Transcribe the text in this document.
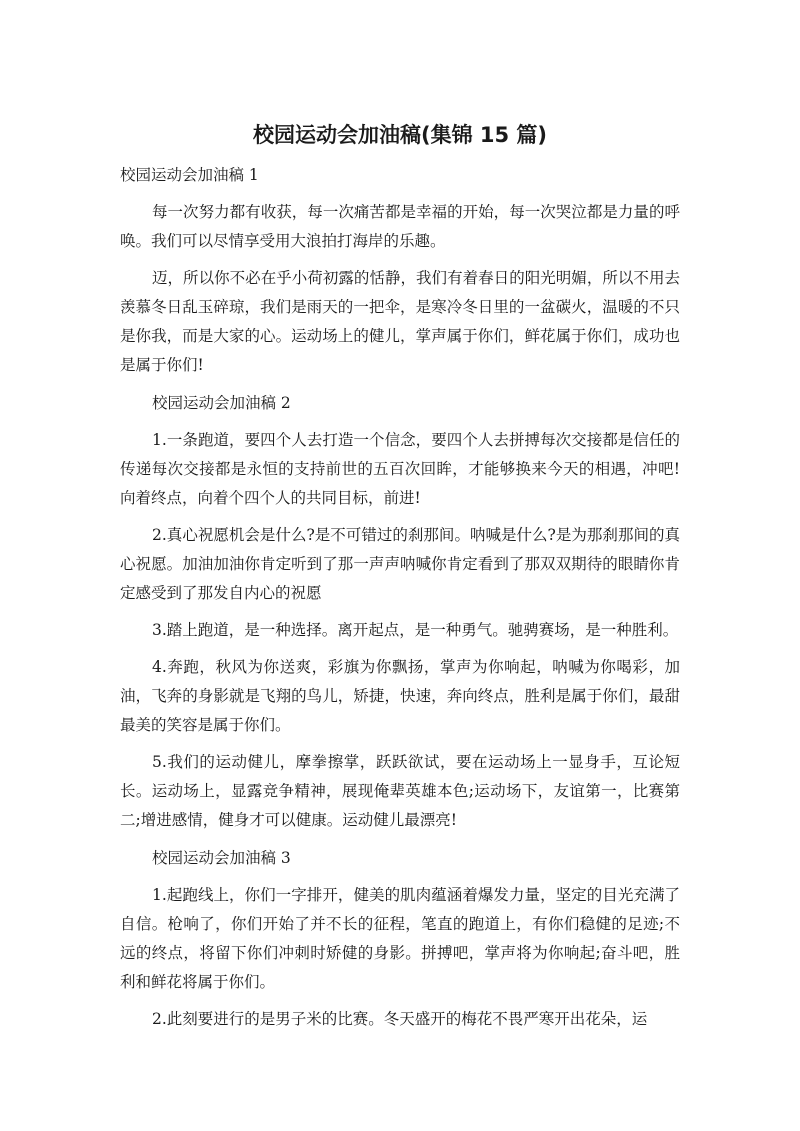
校园运动会加油稿(集锦 15 篇)
校园运动会加油稿 1

每一次努力都有收获，每一次痛苦都是幸福的开始，每一次哭泣都是力量的呼唤。我们可以尽情享受用大浪拍打海岸的乐趣。

迈，所以你不必在乎小荷初露的恬静，我们有着春日的阳光明媚，所以不用去羡慕冬日乱玉碎琼，我们是雨天的一把伞，是寒冷冬日里的一盆碳火，温暖的不只是你我，而是大家的心。运动场上的健儿，掌声属于你们，鲜花属于你们，成功也是属于你们!

校园运动会加油稿 2

1.一条跑道，要四个人去打造一个信念，要四个人去拼搏每次交接都是信任的传递每次交接都是永恒的支持前世的五百次回眸，才能够换来今天的相遇，冲吧!向着终点，向着个四个人的共同目标，前进!

2.真心祝愿机会是什么?是不可错过的刹那间。呐喊是什么?是为那刹那间的真心祝愿。加油加油你肯定听到了那一声声呐喊你肯定看到了那双双期待的眼睛你肯定感受到了那发自内心的祝愿

3.踏上跑道，是一种选择。离开起点，是一种勇气。驰骋赛场，是一种胜利。

4.奔跑，秋风为你送爽，彩旗为你飘扬，掌声为你响起，呐喊为你喝彩，加油，飞奔的身影就是飞翔的鸟儿，矫捷，快速，奔向终点，胜利是属于你们，最甜最美的笑容是属于你们。

5.我们的运动健儿，摩拳擦掌，跃跃欲试，要在运动场上一显身手，互论短长。运动场上，显露竞争精神，展现俺辈英雄本色;运动场下，友谊第一，比赛第二;增进感情，健身才可以健康。运动健儿最漂亮!

校园运动会加油稿 3

1.起跑线上，你们一字排开，健美的肌肉蕴涵着爆发力量，坚定的目光充满了自信。枪响了，你们开始了并不长的征程，笔直的跑道上，有你们稳健的足迹;不远的终点，将留下你们冲刺时矫健的身影。拼搏吧，掌声将为你响起;奋斗吧，胜利和鲜花将属于你们。

2.此刻要进行的是男子米的比赛。冬天盛开的梅花不畏严寒开出花朵，运
